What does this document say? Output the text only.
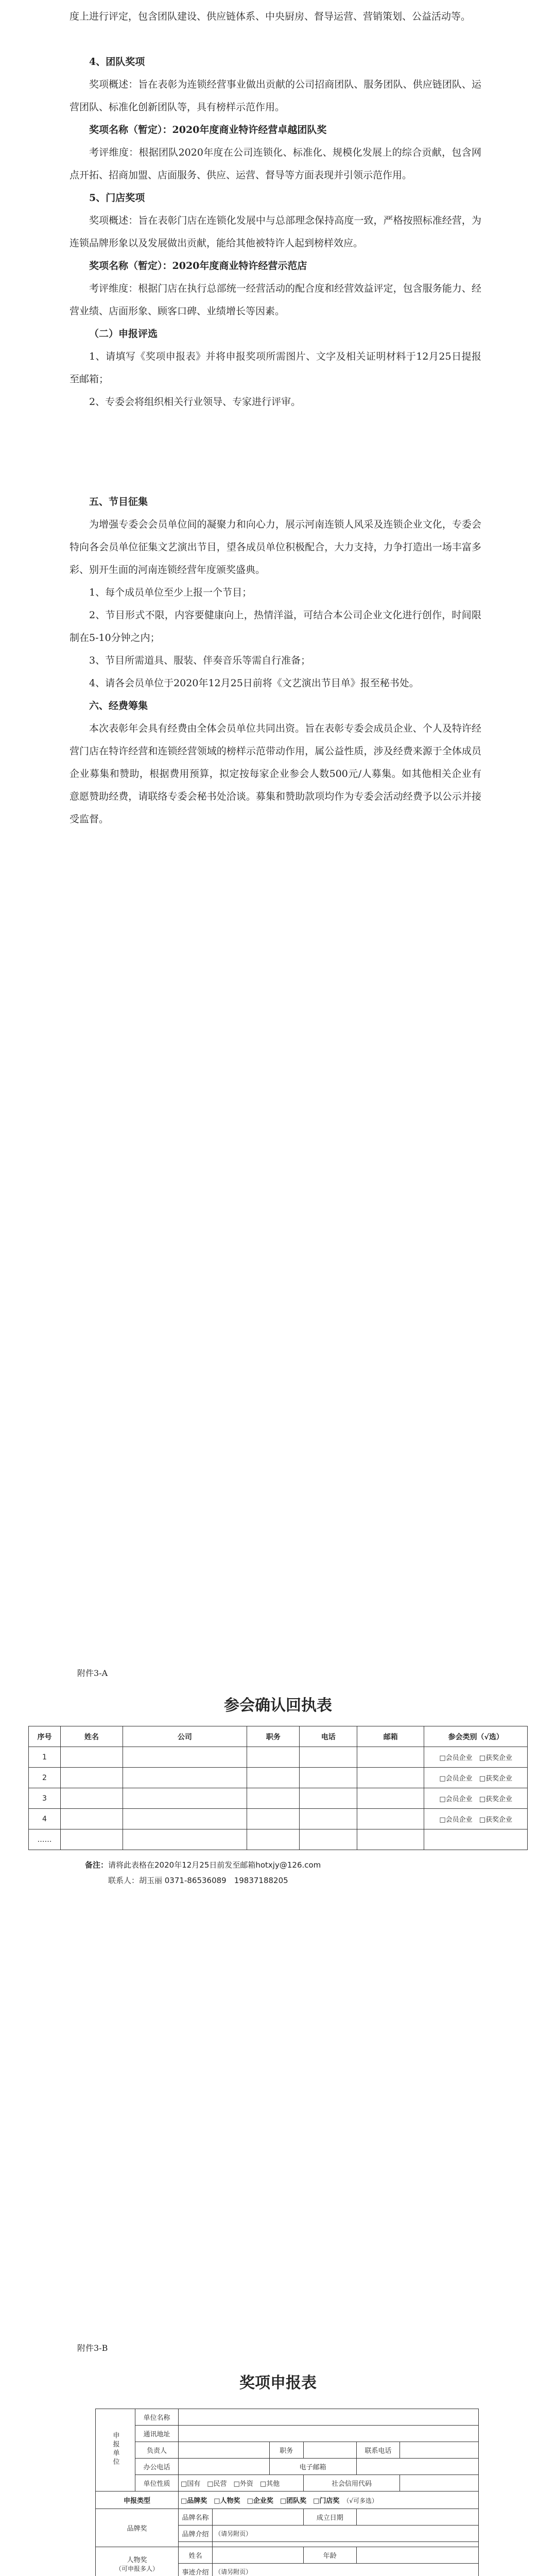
度上进行评定，包含团队建设、供应链体系、中央厨房、督导运营、营销策划、公益活动等。

4、团队奖项

奖项概述：旨在表彰为连锁经营事业做出贡献的公司招商团队、服务团队、供应链团队、运营团队、标准化创新团队等，具有榜样示范作用。

奖项名称（暂定）：2020年度商业特许经营卓越团队奖

考评维度：根据团队2020年度在公司连锁化、标准化、规模化发展上的综合贡献，包含网点开拓、招商加盟、店面服务、供应、运营、督导等方面表现并引领示范作用。

5、门店奖项

奖项概述：旨在表彰门店在连锁化发展中与总部理念保持高度一致，严格按照标准经营，为连锁品牌形象以及发展做出贡献，能给其他被特许人起到榜样效应。

奖项名称（暂定）：2020年度商业特许经营示范店

考评维度：根据门店在执行总部统一经营活动的配合度和经营效益评定，包含服务能力、经营业绩、店面形象、顾客口碑、业绩增长等因素。

（二）申报评选

1、请填写《奖项申报表》并将申报奖项所需图片、文字及相关证明材料于12月25日提报至邮箱；

2、专委会将组织相关行业领导、专家进行评审。

五、节目征集

为增强专委会会员单位间的凝聚力和向心力，展示河南连锁人风采及连锁企业文化，专委会特向各会员单位征集文艺演出节目，望各成员单位积极配合，大力支持，力争打造出一场丰富多彩、别开生面的河南连锁经营年度颁奖盛典。

1、每个成员单位至少上报一个节目；

2、节目形式不限，内容要健康向上，热情洋溢，可结合本公司企业文化进行创作，时间限制在5-10分钟之内；

3、节目所需道具、服装、伴奏音乐等需自行准备；

4、请各会员单位于2020年12月25日前将《文艺演出节目单》报至秘书处。

六、经费筹集

本次表彰年会具有经费由全体会员单位共同出资。旨在表彰专委会成员企业、个人及特许经营门店在特许经营和连锁经营领域的榜样示范带动作用，属公益性质，涉及经费来源于全体成员企业募集和赞助，根据费用预算，拟定按每家企业参会人数500元/人募集。如其他相关企业有意愿赞助经费，请联络专委会秘书处洽谈。募集和赞助款项均作为专委会活动经费予以公示并接受监督。

附件3-A
参会确认回执表
序号	姓名	公司	职务	电话	邮箱	参会类别（√选）
1						□会员企业　 □获奖企业
2						□会员企业　 □获奖企业
3						□会员企业　 □获奖企业
4						□会员企业　 □获奖企业
……						
备注：请将此表格在2020年12月25日前发至邮箱hotxjy@126.com
联系人：胡玉丽 0371-86536089　19837188205
附件3-B
奖项申报表
申报单位	单位名称						
	通讯地址						
	负责人			职务		联系电话	
	办公电话			电子邮箱			
	单位性质	□国有　□民营　□外资　□其他			社会信用代码		
申报类型		□品牌奖　□人物奖　□企业奖　□团队奖　□门店奖　 （√可多选）					
品牌奖		品牌名称			成立日期		
		品牌介绍	（请另附页）				

人物奖
（可申报多人）		姓名			年龄		
		事迹介绍	（请另附页）				
